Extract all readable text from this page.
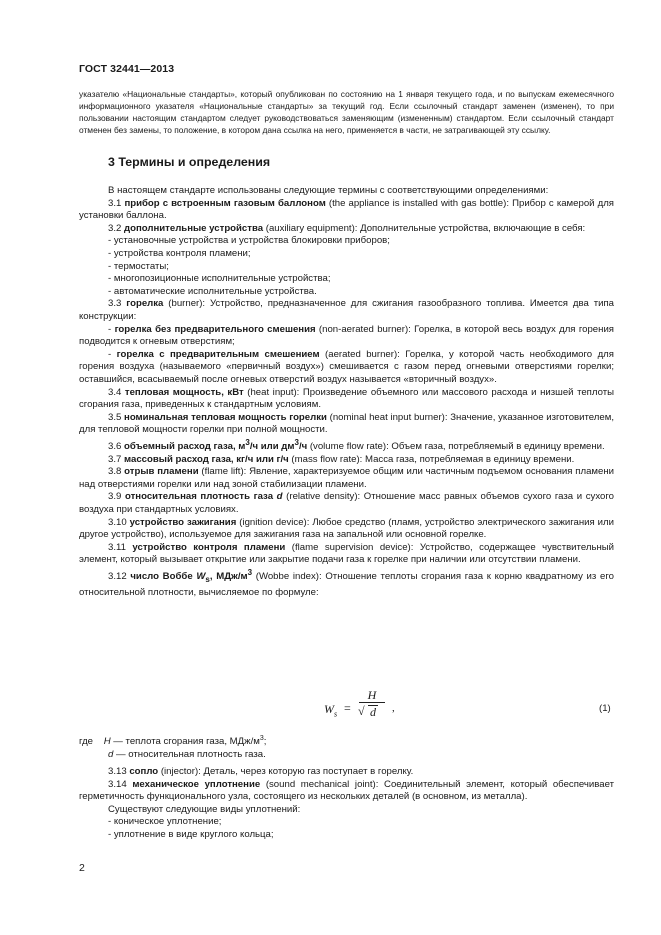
ГОСТ 32441—2013

указателю «Национальные стандарты», который опубликован по состоянию на 1 января текущего года, и по выпускам ежемесячного информационного указателя «Национальные стандарты» за текущий год. Если ссылочный стандарт заменен (изменен), то при пользовании настоящим стандартом следует руководствоваться заменяющим (измененным) стандартом. Если ссылочный стандарт отменен без замены, то положение, в котором дана ссылка на него, применяется в части, не затрагивающей эту ссылку.

3 Термины и определения

В настоящем стандарте использованы следующие термины с соответствующими определениями:

3.1 прибор с встроенным газовым баллоном (the appliance is installed with gas bottle): Прибор с камерой для установки баллона.

3.2 дополнительные устройства (auxiliary equipment): Дополнительные устройства, включающие в себя:

- установочные устройства и устройства блокировки приборов;

- устройства контроля пламени;

- термостаты;

- многопозиционные исполнительные устройства;

- автоматические исполнительные устройства.

3.3 горелка (burner): Устройство, предназначенное для сжигания газообразного топлива. Имеется два типа конструкции:

- горелка без предварительного смешения (non-aerated burner): Горелка, в которой весь воздух для горения подводится к огневым отверстиям;

- горелка с предварительным смешением (aerated burner): Горелка, у которой часть необходимого для горения воздуха (называемого «первичный воздух») смешивается с газом перед огневыми отверстиями горелки; оставшийся, всасываемый после огневых отверстий воздух называется «вторичный воздух».

3.4 тепловая мощность, кВт (heat input): Произведение объемного или массового расхода и низшей теплоты сгорания газа, приведенных к стандартным условиям.

3.5 номинальная тепловая мощность горелки (nominal heat input burner): Значение, указанное изготовителем, для тепловой мощности горелки при полной мощности.

3.6 объемный расход газа, $м^3/ч$ или $дм^3/ч$ (volume flow rate): Объем газа, потребляемый в единицу времени.

3.7 массовый расход газа, кг/ч или г/ч (mass flow rate): Масса газа, потребляемая в единицу времени.

3.8 отрыв пламени (flame lift): Явление, характеризуемое общим или частичным подъемом основания пламени над отверстиями горелки или над зоной стабилизации пламени.

3.9 относительная плотность газа d (relative density): Отношение масс равных объемов сухого газа и сухого воздуха при стандартных условиях.

3.10 устройство зажигания (ignition device): Любое средство (пламя, устройство электрического зажигания или другое устройство), используемое для зажигания газа на запальной или основной горелке.

3.11 устройство контроля пламени (flame supervision device): Устройство, содержащее чувствительный элемент, который вызывает открытие или закрытие подачи газа к горелке при наличии или отсутствии пламени.

3.12 число Воббе $W_s$, МДж/$м^3$ (Wobbe index): Отношение теплоты сгорания газа к корню квадратному из его относительной плотности, вычисляемое по формуле:

$W_s$ =
H
√ d ,	(1)

где H — теплота сгорания газа, МДж/$м^3$;

d — относительная плотность газа.

3.13 сопло (injector): Деталь, через которую газ поступает в горелку.

3.14 механическое уплотнение (sound mechanical joint): Соединительный элемент, который обеспечивает герметичность функционального узла, состоящего из нескольких деталей (в основном, из металла).

Существуют следующие виды уплотнений:

- коническое уплотнение;

- уплотнение в виде круглого кольца;

2
